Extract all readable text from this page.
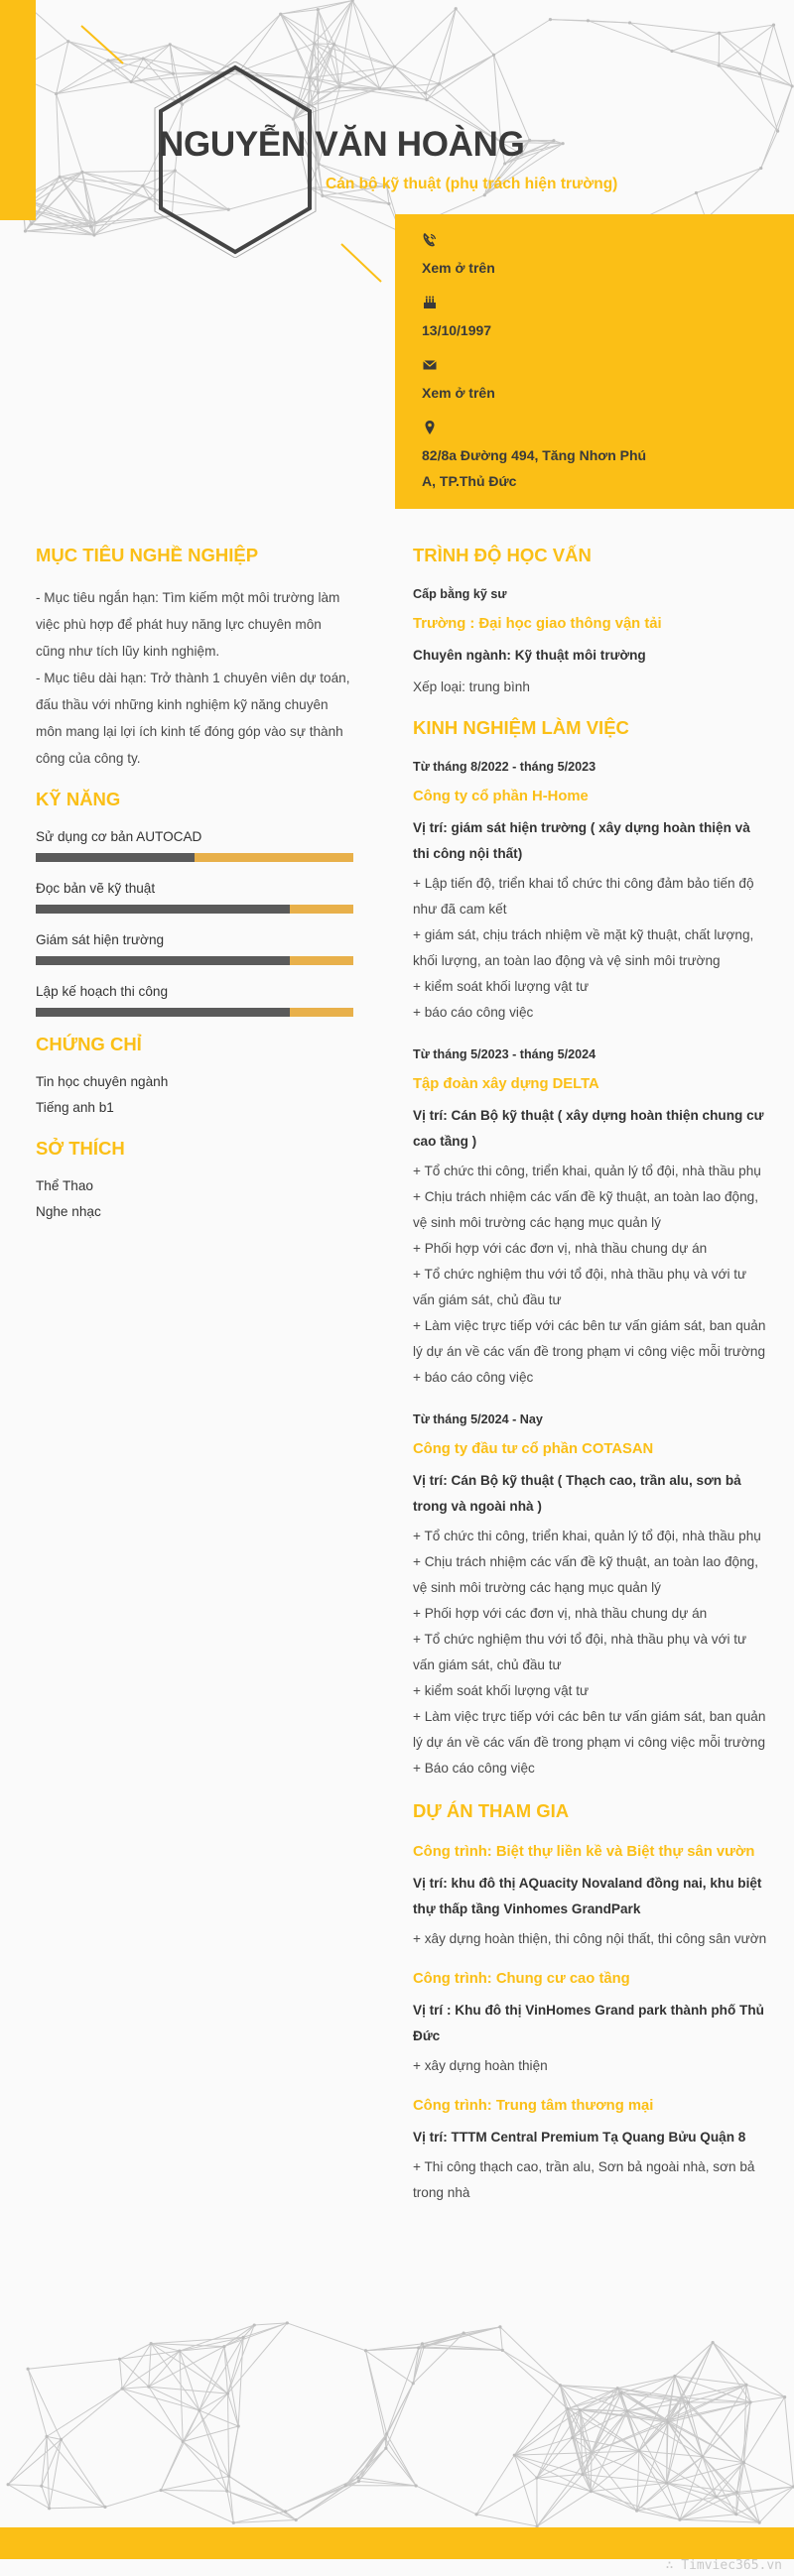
NGUYỄN VĂN HOÀNG
Cán bộ kỹ thuật (phụ trách hiện trường)
Xem ở trên
13/10/1997
Xem ở trên
82/8a Đường 494, Tăng Nhơn Phú A, TP.Thủ Đức
MỤC TIÊU NGHỀ NGHIỆP
- Mục tiêu ngắn hạn: Tìm kiếm một môi trường làm việc phù hợp để phát huy năng lực chuyên môn cũng như tích lũy kinh nghiệm.
- Mục tiêu dài hạn: Trở thành 1 chuyên viên dự toán, đấu thầu với những kinh nghiệm kỹ năng chuyên môn mang lại lợi ích kinh tế đóng góp vào sự thành công của công ty.
KỸ NĂNG
Sử dụng cơ bản AUTOCAD
Đọc bản vẽ kỹ thuật
Giám sát hiện trường
Lập kế hoạch thi công
CHỨNG CHỈ
Tin học chuyên ngành
Tiếng anh b1
SỞ THÍCH
Thể Thao
Nghe nhạc
TRÌNH ĐỘ HỌC VẤN
Cấp bằng kỹ sư
Trường : Đại học giao thông vận tải
Chuyên ngành: Kỹ thuật môi trường
Xếp loại: trung bình
KINH NGHIỆM LÀM VIỆC
Từ tháng 8/2022 - tháng 5/2023
Công ty cổ phần H-Home
Vị trí: giám sát hiện trường ( xây dựng hoàn thiện và thi công nội thất)
+ Lập tiến độ, triển khai tổ chức thi công đảm bảo tiến độ như đã cam kết
+ giám sát, chịu trách nhiệm về mặt kỹ thuật, chất lượng, khối lượng, an toàn lao động và vệ sinh môi trường
+ kiểm soát khối lượng vật tư
+ báo cáo công việc
Từ tháng 5/2023 - tháng 5/2024
Tập đoàn xây dựng DELTA
Vị trí: Cán Bộ kỹ thuật ( xây dựng hoàn thiện chung cư cao tầng )
+ Tổ chức thi công, triển khai, quản lý tổ đội, nhà thầu phụ
+ Chịu trách nhiệm các vấn đề kỹ thuật, an toàn lao động, vệ sinh môi trường các hạng mục quản lý
+ Phối hợp với các đơn vị, nhà thầu chung dự án
+ Tổ chức nghiệm thu với tổ đội, nhà thầu phụ và với tư vấn giám sát, chủ đầu tư
+ Làm việc trực tiếp với các bên tư vấn giám sát, ban quản lý dự án về các vấn đề trong phạm vi công việc mỗi trường
+ báo cáo công việc
Từ tháng 5/2024 - Nay
Công ty đầu tư cổ phần COTASAN
Vị trí: Cán Bộ kỹ thuật ( Thạch cao, trần alu, sơn bả trong và ngoài nhà )
+ Tổ chức thi công, triển khai, quản lý tổ đội, nhà thầu phụ
+ Chịu trách nhiệm các vấn đề kỹ thuật, an toàn lao động, vệ sinh môi trường các hạng mục quản lý
+ Phối hợp với các đơn vị, nhà thầu chung dự án
+ Tổ chức nghiệm thu với tổ đội, nhà thầu phụ và với tư vấn giám sát, chủ đầu tư
+ kiểm soát khối lượng vật tư
+ Làm việc trực tiếp với các bên tư vấn giám sát, ban quản lý dự án về các vấn đề trong phạm vi công việc mỗi trường
+ Báo cáo công việc
DỰ ÁN THAM GIA
Công trình: Biệt thự liền kề và Biệt thự sân vườn
Vị trí: khu đô thị AQuacity Novaland đồng nai, khu biệt thự thấp tầng Vinhomes GrandPark
+ xây dựng hoàn thiện, thi công nội thất, thi công sân vườn
Công trình: Chung cư cao tầng
Vị trí : Khu đô thị VinHomes Grand park thành phố Thủ Đức
+ xây dựng hoàn thiện
Công trình: Trung tâm thương mại
Vị trí: TTTM Central Premium Tạ Quang Bửu Quận 8
+ Thi công thạch cao, trần alu, Sơn bả ngoài nhà, sơn bả trong nhà
∴ Timviec365.vn
